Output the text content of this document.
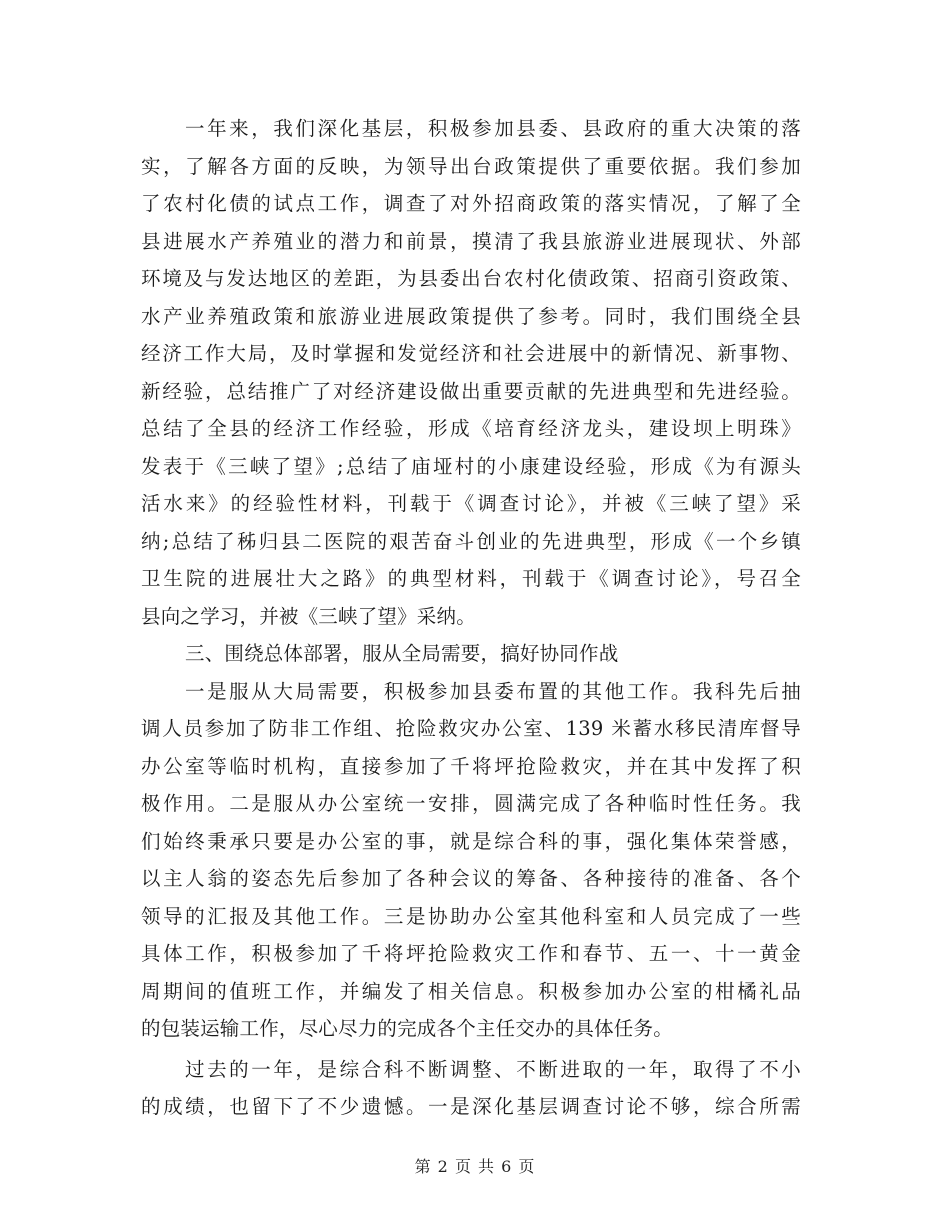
一年来，我们深化基层，积极参加县委、县政府的重大决策的落
实，了解各方面的反映，为领导出台政策提供了重要依据。我们参加
了农村化债的试点工作，调查了对外招商政策的落实情况，了解了全
县进展水产养殖业的潜力和前景，摸清了我县旅游业进展现状、外部
环境及与发达地区的差距，为县委出台农村化债政策、招商引资政策、
水产业养殖政策和旅游业进展政策提供了参考。同时，我们围绕全县
经济工作大局，及时掌握和发觉经济和社会进展中的新情况、新事物、
新经验，总结推广了对经济建设做出重要贡献的先进典型和先进经验。
总结了全县的经济工作经验，形成《培育经济龙头，建设坝上明珠》
发表于《三峡了望》;总结了庙垭村的小康建设经验，形成《为有源头
活水来》的经验性材料，刊载于《调查讨论》，并被《三峡了望》采
纳;总结了秭归县二医院的艰苦奋斗创业的先进典型，形成《一个乡镇
卫生院的进展壮大之路》的典型材料，刊载于《调查讨论》，号召全
县向之学习，并被《三峡了望》采纳。
三、围绕总体部署，服从全局需要，搞好协同作战
一是服从大局需要，积极参加县委布置的其他工作。我科先后抽
调人员参加了防非工作组、抢险救灾办公室、139 米蓄水移民清库督导
办公室等临时机构，直接参加了千将坪抢险救灾，并在其中发挥了积
极作用。二是服从办公室统一安排，圆满完成了各种临时性任务。我
们始终秉承只要是办公室的事，就是综合科的事，强化集体荣誉感，
以主人翁的姿态先后参加了各种会议的筹备、各种接待的准备、各个
领导的汇报及其他工作。三是协助办公室其他科室和人员完成了一些
具体工作，积极参加了千将坪抢险救灾工作和春节、五一、十一黄金
周期间的值班工作，并编发了相关信息。积极参加办公室的柑橘礼品
的包装运输工作，尽心尽力的完成各个主任交办的具体任务。
过去的一年，是综合科不断调整、不断进取的一年，取得了不小
的成绩，也留下了不少遗憾。一是深化基层调查讨论不够，综合所需
第 2 页 共 6 页
